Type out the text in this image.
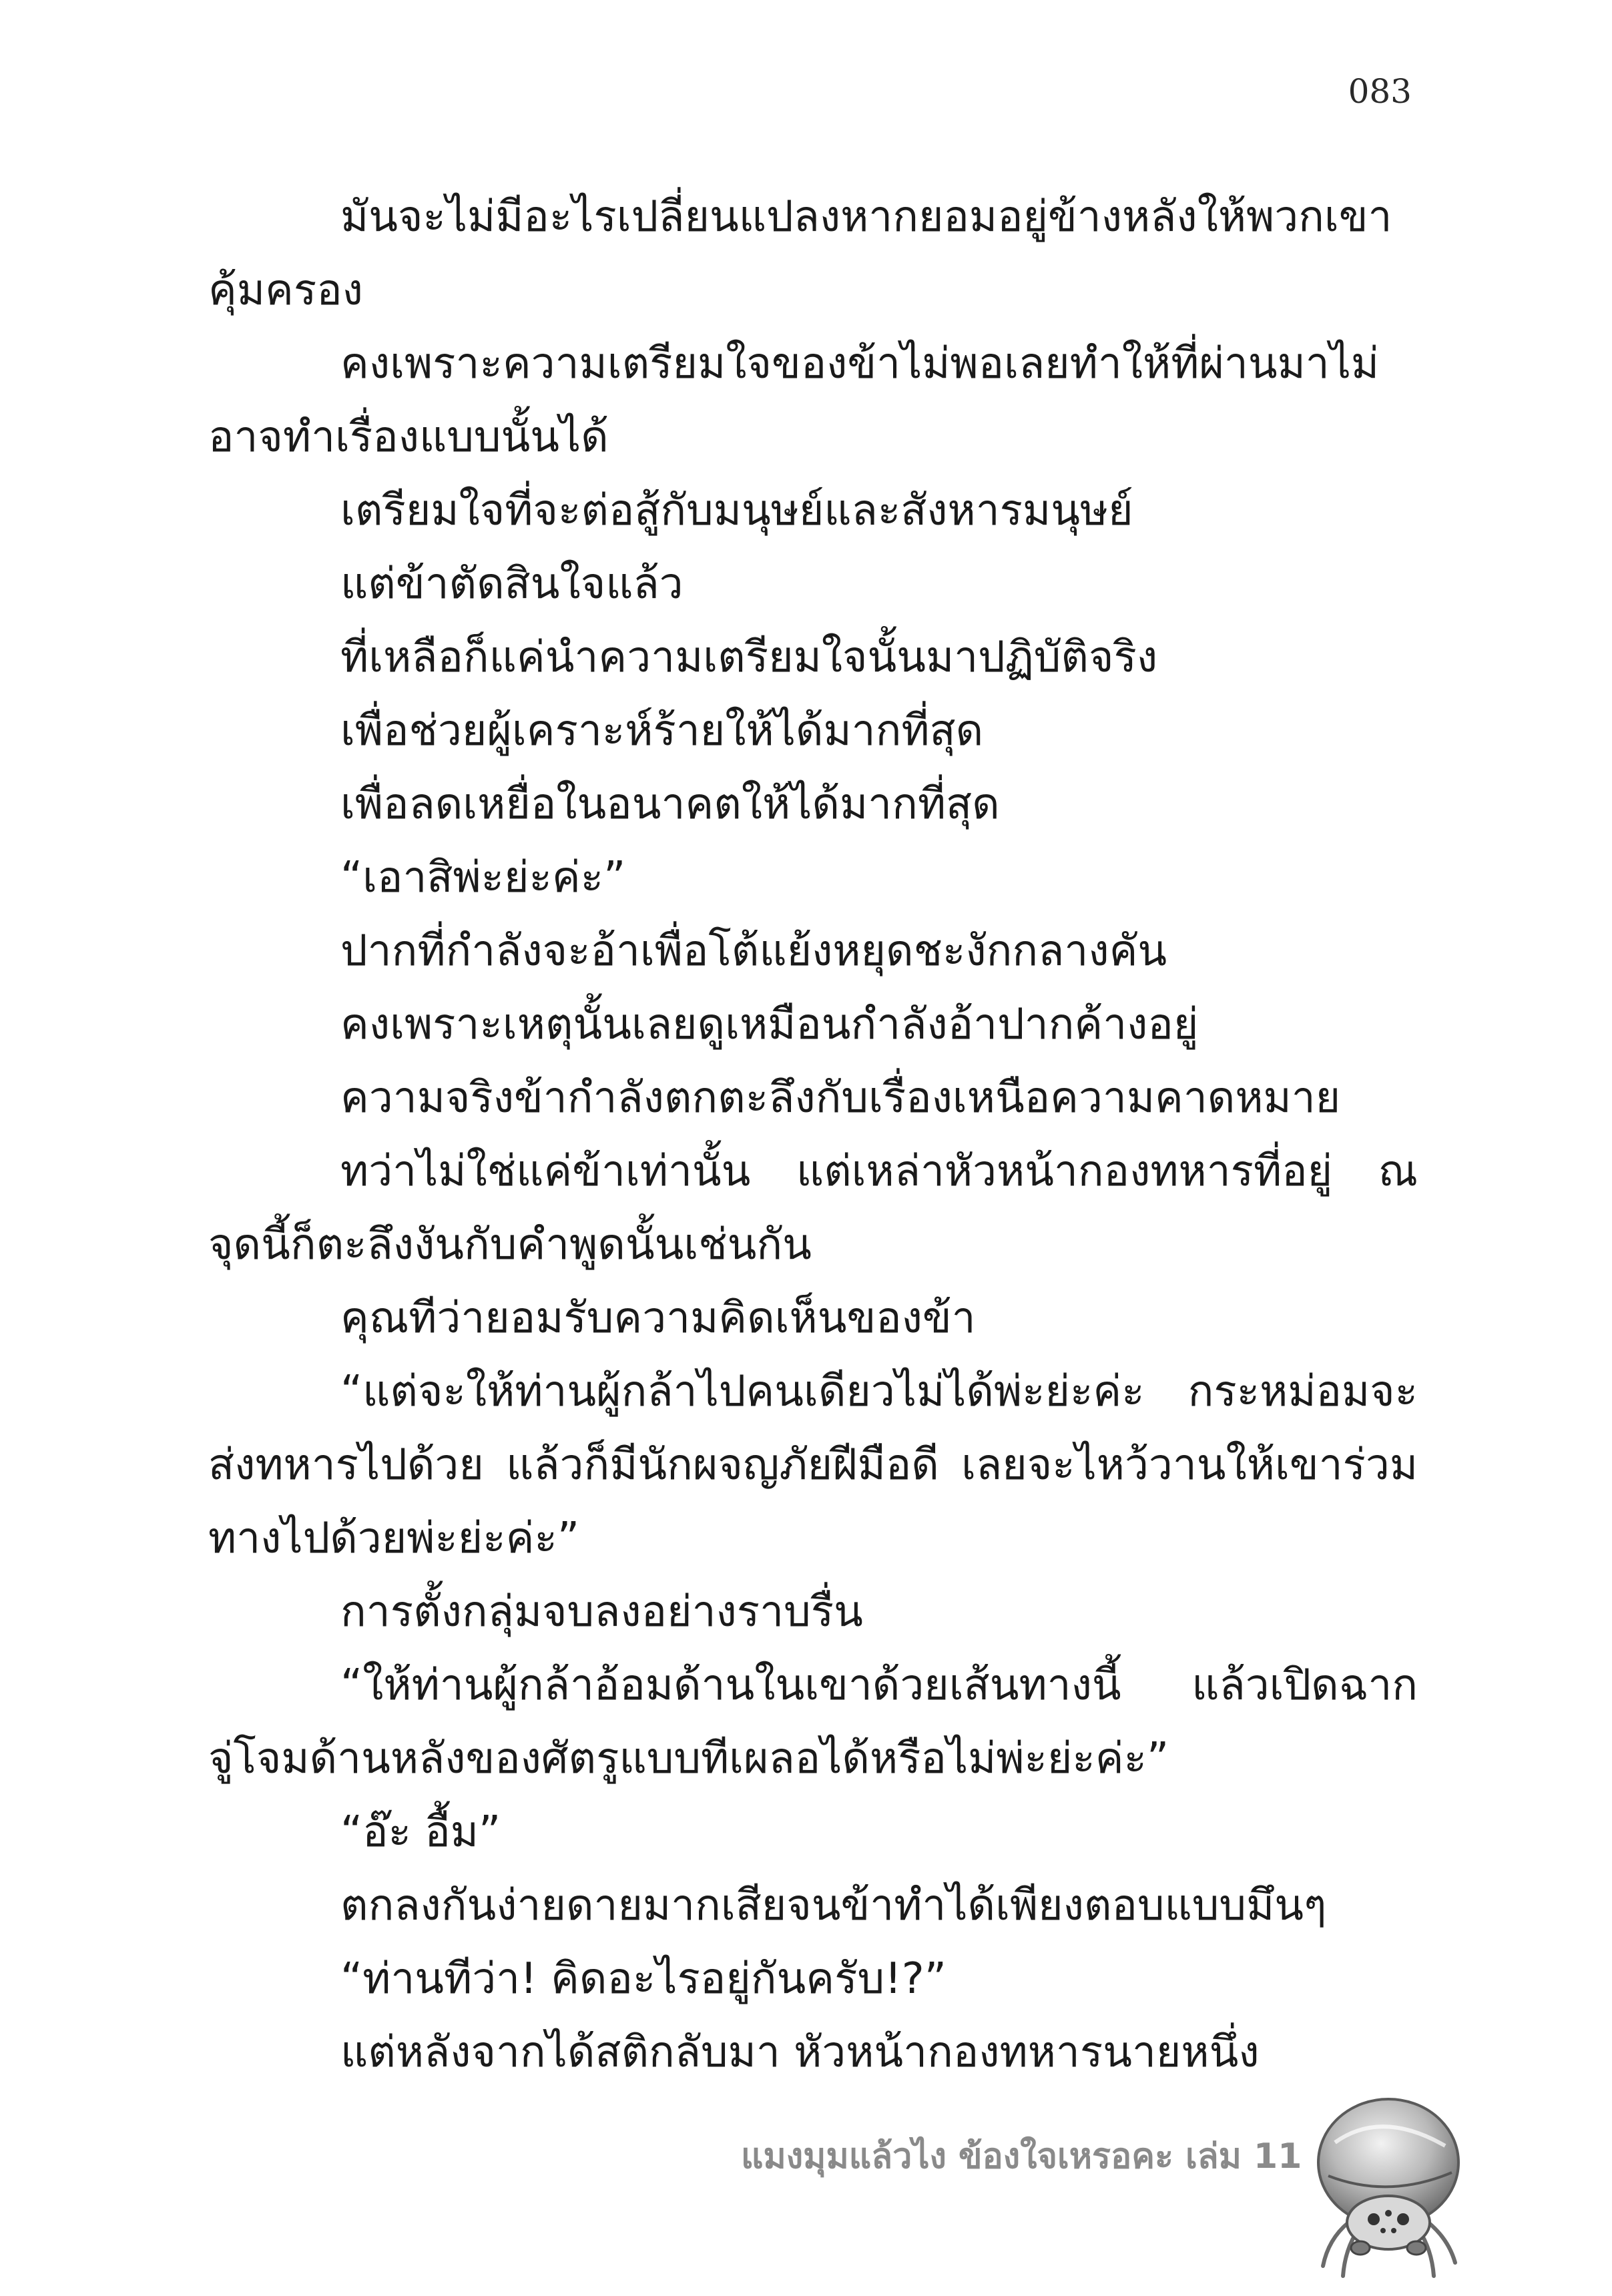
083

มันจะไม่มีอะไรเปลี่ยนแปลงหากยอมอยู่ข้างหลังให้พวกเขาคุ้มครอง

คงเพราะความเตรียมใจของข้าไม่พอเลยทำให้ที่ผ่านมาไม่อาจทำเรื่องแบบนั้นได้

เตรียมใจที่จะต่อสู้กับมนุษย์และสังหารมนุษย์

แต่ข้าตัดสินใจแล้ว

ที่เหลือก็แค่นำความเตรียมใจนั้นมาปฏิบัติจริง

เพื่อช่วยผู้เคราะห์ร้ายให้ได้มากที่สุด

เพื่อลดเหยื่อในอนาคตให้ได้มากที่สุด

“เอาสิพ่ะย่ะค่ะ”

ปากที่กำลังจะอ้าเพื่อโต้แย้งหยุดชะงักกลางคัน

คงเพราะเหตุนั้นเลยดูเหมือนกำลังอ้าปากค้างอยู่

ความจริงข้ากำลังตกตะลึงกับเรื่องเหนือความคาดหมาย

ทว่าไม่ใช่แค่ข้าเท่านั้น แต่เหล่าหัวหน้ากองทหารที่อยู่ ณ จุดนี้ก็ตะลึงงันกับคำพูดนั้นเช่นกัน

คุณทีว่ายอมรับความคิดเห็นของข้า

“แต่จะให้ท่านผู้กล้าไปคนเดียวไม่ได้พ่ะย่ะค่ะ กระหม่อมจะส่งทหารไปด้วย แล้วก็มีนักผจญภัยฝีมือดี เลยจะไหว้วานให้เขาร่วมทางไปด้วยพ่ะย่ะค่ะ”

การตั้งกลุ่มจบลงอย่างราบรื่น

“ให้ท่านผู้กล้าอ้อมด้านในเขาด้วยเส้นทางนี้ แล้วเปิดฉากจู่โจมด้านหลังของศัตรูแบบทีเผลอได้หรือไม่พ่ะย่ะค่ะ”

“อ๊ะ อื้ม”

ตกลงกันง่ายดายมากเสียจนข้าทำได้เพียงตอบแบบมึนๆ

“ท่านทีว่า! คิดอะไรอยู่กันครับ!?”

แต่หลังจากได้สติกลับมา หัวหน้ากองทหารนายหนึ่ง

แมงมุมแล้วไง ข้องใจเหรอคะ เล่ม 11
